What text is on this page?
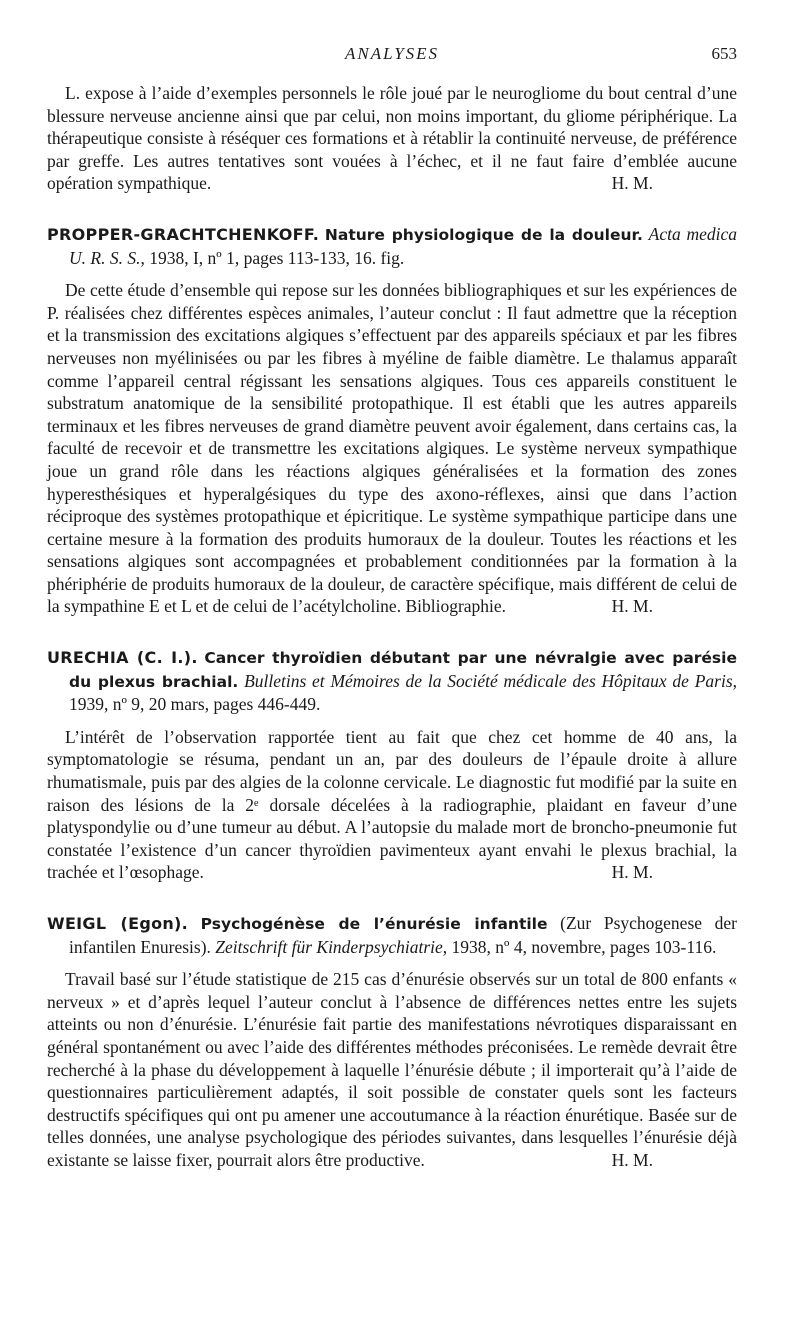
ANALYSES	653

L. expose à l’aide d’exemples personnels le rôle joué par le neurogliome du bout central d’une blessure nerveuse ancienne ainsi que par celui, non moins important, du gliome périphérique. La thérapeutique consiste à réséquer ces formations et à rétablir la continuité nerveuse, de préférence par greffe. Les autres tentatives sont vouées à l’échec, et il ne faut faire d’emblée aucune opération sympathique.	H. M.

PROPPER-GRACHTCHENKOFF. Nature physiologique de la douleur. Acta medica U. R. S. S., 1938, I, nº 1, pages 113-133, 16. fig.

De cette étude d’ensemble qui repose sur les données bibliographiques et sur les expériences de P. réalisées chez différentes espèces animales, l’auteur conclut : Il faut admettre que la réception et la transmission des excitations algiques s’effectuent par des appareils spéciaux et par les fibres nerveuses non myélinisées ou par les fibres à myéline de faible diamètre. Le thalamus apparaît comme l’appareil central régissant les sensations algiques. Tous ces appareils constituent le substratum anatomique de la sensibilité protopathique. Il est établi que les autres appareils terminaux et les fibres nerveuses de grand diamètre peuvent avoir également, dans certains cas, la faculté de recevoir et de transmettre les excitations algiques. Le système nerveux sympathique joue un grand rôle dans les réactions algiques généralisées et la formation des zones hyperesthésiques et hyperalgésiques du type des axono-réflexes, ainsi que dans l’action réciproque des systèmes protopathique et épicritique. Le système sympathique participe dans une certaine mesure à la formation des produits humoraux de la douleur. Toutes les réactions et les sensations algiques sont accompagnées et probablement conditionnées par la formation à la phériphérie de produits humoraux de la douleur, de caractère spécifique, mais différent de celui de la sympathine E et L et de celui de l’acétylcholine. Bibliographie.	H. M.

URECHIA (C. I.). Cancer thyroïdien débutant par une névralgie avec parésie du plexus brachial. Bulletins et Mémoires de la Société médicale des Hôpitaux de Paris, 1939, nº 9, 20 mars, pages 446-449.

L’intérêt de l’observation rapportée tient au fait que chez cet homme de 40 ans, la symptomatologie se résuma, pendant un an, par des douleurs de l’épaule droite à allure rhumatismale, puis par des algies de la colonne cervicale. Le diagnostic fut modifié par la suite en raison des lésions de la 2ᵉ dorsale décelées à la radiographie, plaidant en faveur d’une platyspondylie ou d’une tumeur au début. A l’autopsie du malade mort de broncho-pneumonie fut constatée l’existence d’un cancer thyroïdien pavimenteux ayant envahi le plexus brachial, la trachée et l’œsophage.	H. M.

WEIGL (Egon). Psychogénèse de l’énurésie infantile (Zur Psychogenese der infantilen Enuresis). Zeitschrift für Kinderpsychiatrie, 1938, nº 4, novembre, pages 103-116.

Travail basé sur l’étude statistique de 215 cas d’énurésie observés sur un total de 800 enfants « nerveux » et d’après lequel l’auteur conclut à l’absence de différences nettes entre les sujets atteints ou non d’énurésie. L’énurésie fait partie des manifestations névrotiques disparaissant en général spontanément ou avec l’aide des différentes méthodes préconisées. Le remède devrait être recherché à la phase du développement à laquelle l’énurésie débute ; il importerait qu’à l’aide de questionnaires particulièrement adaptés, il soit possible de constater quels sont les facteurs destructifs spécifiques qui ont pu amener une accoutumance à la réaction énurétique. Basée sur de telles données, une analyse psychologique des périodes suivantes, dans lesquelles l’énurésie déjà existante se laisse fixer, pourrait alors être productive.	H. M.
